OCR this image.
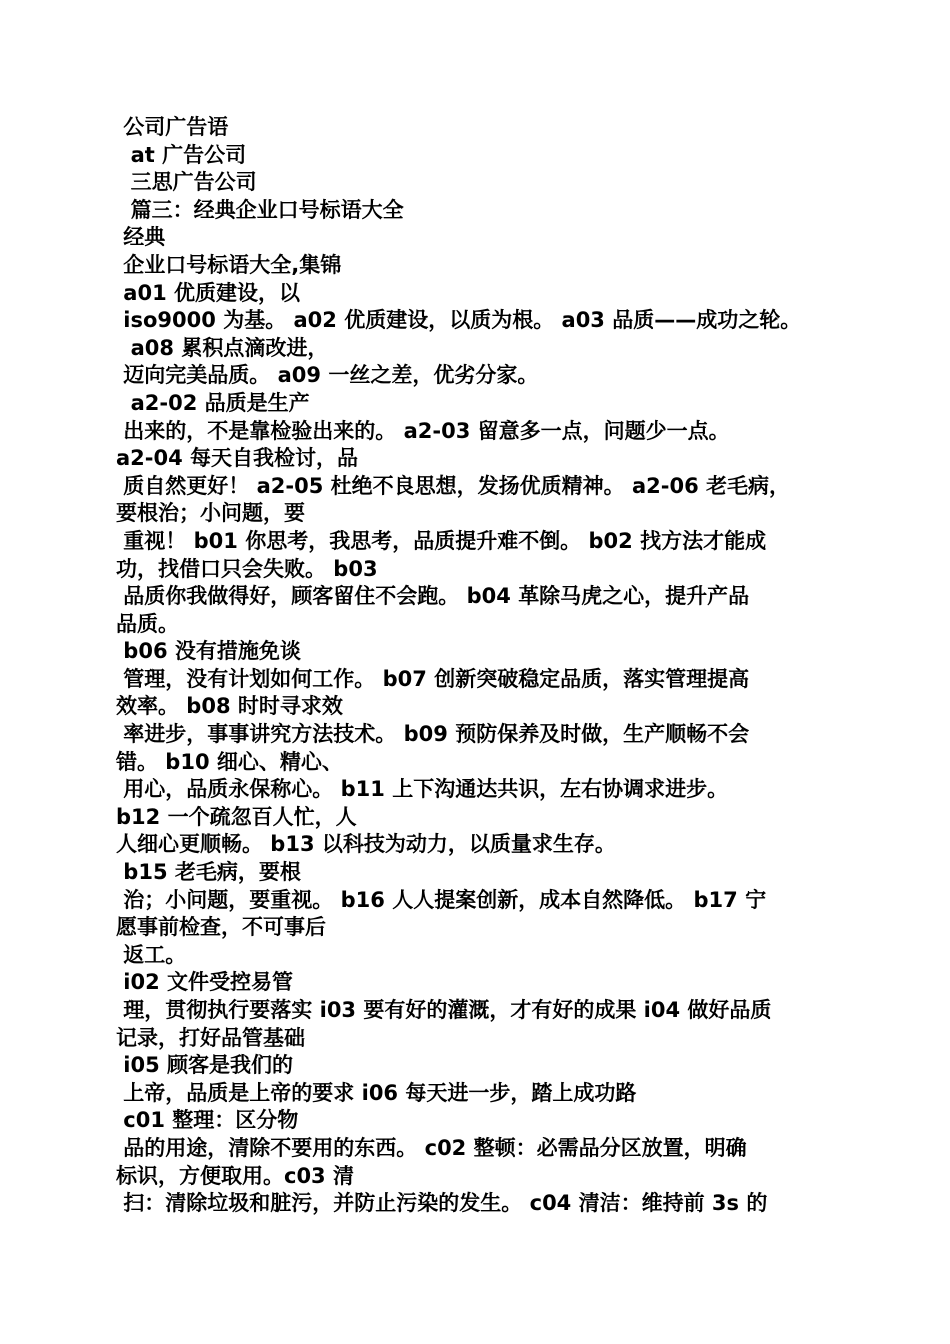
公司广告语
at 广告公司
三思广告公司
篇三：经典企业口号标语大全
经典
企业口号标语大全,集锦
a01 优质建设，以
iso9000 为基。 a02 优质建设，以质为根。 a03 品质——成功之轮。
a08 累积点滴改进，
迈向完美品质。 a09 一丝之差，优劣分家。
a2-02 品质是生产
出来的，不是靠检验出来的。 a2-03 留意多一点，问题少一点。
a2-04 每天自我检讨，品
质自然更好！ a2-05 杜绝不良思想，发扬优质精神。 a2-06 老毛病，
要根治；小问题，要
重视！ b01 你思考，我思考，品质提升难不倒。 b02 找方法才能成
功，找借口只会失败。 b03
品质你我做得好，顾客留住不会跑。 b04 革除马虎之心，提升产品
品质。
b06 没有措施免谈
管理，没有计划如何工作。 b07 创新突破稳定品质，落实管理提高
效率。 b08 时时寻求效
率进步，事事讲究方法技术。 b09 预防保养及时做，生产顺畅不会
错。 b10 细心、精心、
用心，品质永保称心。 b11 上下沟通达共识，左右协调求进步。
b12 一个疏忽百人忙，人
人细心更顺畅。 b13 以科技为动力，以质量求生存。
b15 老毛病，要根
治；小问题，要重视。 b16 人人提案创新，成本自然降低。 b17 宁
愿事前检查，不可事后
返工。
i02 文件受控易管
理，贯彻执行要落实 i03 要有好的灌溉，才有好的成果 i04 做好品质
记录，打好品管基础
i05 顾客是我们的
上帝，品质是上帝的要求 i06 每天进一步，踏上成功路
c01 整理：区分物
品的用途，清除不要用的东西。 c02 整顿：必需品分区放置，明确
标识，方便取用。c03 清
扫：清除垃圾和脏污，并防止污染的发生。 c04 清洁：维持前 3s 的
